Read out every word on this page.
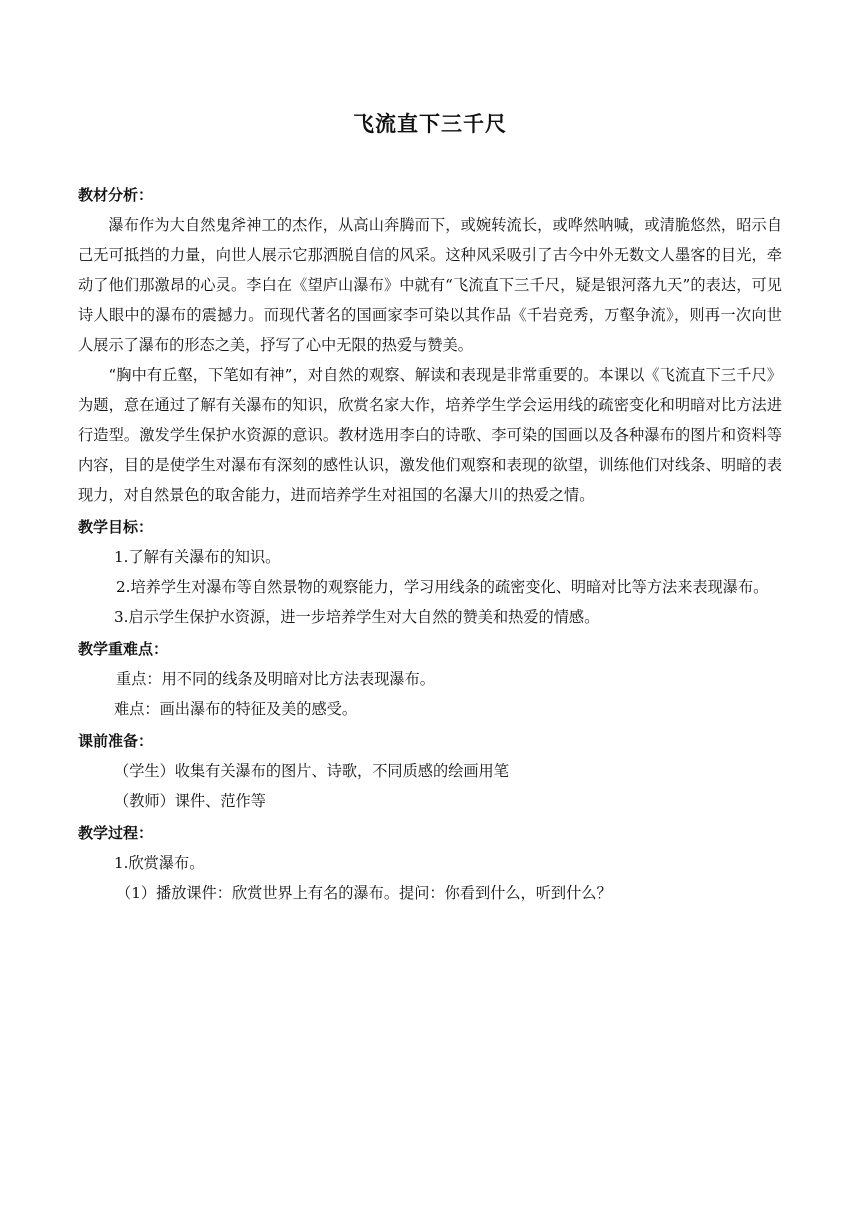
飞流直下三千尺
教材分析：

瀑布作为大自然鬼斧神工的杰作，从高山奔腾而下，或婉转流长，或哗然呐喊，或清脆悠然，昭示自己无可抵挡的力量，向世人展示它那洒脱自信的风采。这种风采吸引了古今中外无数文人墨客的目光，牵动了他们那激昂的心灵。李白在《望庐山瀑布》中就有“飞流直下三千尺，疑是银河落九天”的表达，可见诗人眼中的瀑布的震撼力。而现代著名的国画家李可染以其作品《千岩竞秀，万壑争流》，则再一次向世人展示了瀑布的形态之美，抒写了心中无限的热爱与赞美。

“胸中有丘壑，下笔如有神”，对自然的观察、解读和表现是非常重要的。本课以《飞流直下三千尺》为题，意在通过了解有关瀑布的知识，欣赏名家大作，培养学生学会运用线的疏密变化和明暗对比方法进行造型。激发学生保护水资源的意识。教材选用李白的诗歌、李可染的国画以及各种瀑布的图片和资料等内容，目的是使学生对瀑布有深刻的感性认识，激发他们观察和表现的欲望，训练他们对线条、明暗的表现力，对自然景色的取舍能力，进而培养学生对祖国的名瀑大川的热爱之情。

教学目标：
1.了解有关瀑布的知识。
2.培养学生对瀑布等自然景物的观察能力，学习用线条的疏密变化、明暗对比等方法来表现瀑布。
3.启示学生保护水资源，进一步培养学生对大自然的赞美和热爱的情感。
教学重难点：
重点：用不同的线条及明暗对比方法表现瀑布。
难点：画出瀑布的特征及美的感受。
课前准备：
（学生）收集有关瀑布的图片、诗歌，不同质感的绘画用笔
（教师）课件、范作等
教学过程：
1.欣赏瀑布。
（1）播放课件：欣赏世界上有名的瀑布。提问：你看到什么，听到什么？
